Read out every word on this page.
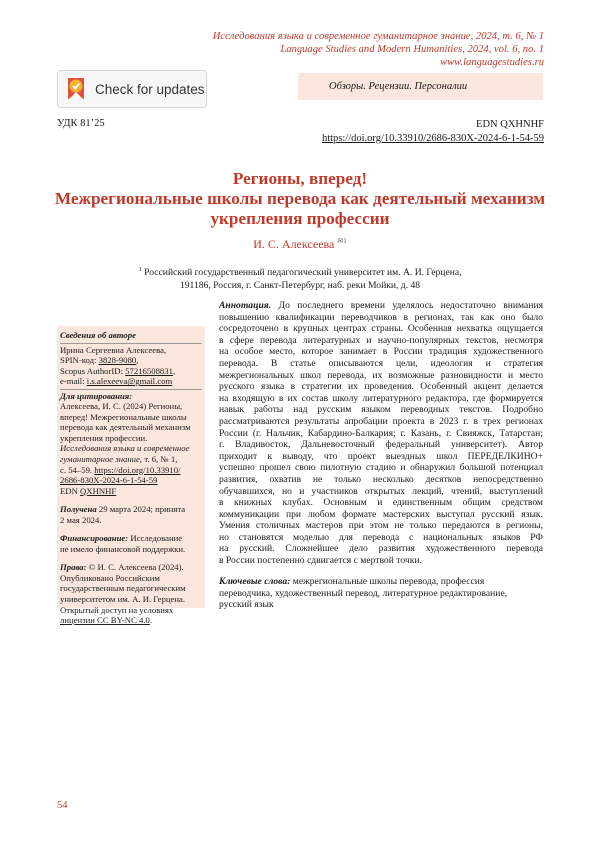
Исследования языка и современное гуманитарное знание, 2024, т. 6, № 1
Language Studies and Modern Humanities, 2024, vol. 6, no. 1
www.languagestudies.ru
Check for updates	Обзоры. Рецензии. Персоналии
УДК 81’25	EDN QXHNHF
https://doi.org/10.33910/2686-830X-2024-6-1-54-59
Регионы, вперед!
Межрегиональные школы перевода как деятельный механизм
укрепления профессии
И. С. Алексеева $^{✉1}$
$^1$ Российский государственный педагогический университет им. А. И. Герцена,
191186, Россия, г. Санкт-Петербург, наб. реки Мойки, д. 48

Сведения об авторе

Ирина Сергеевна Алексеева,

SPIN-код: 3828-9080,

Scopus AuthorID: 57216508831,

e-mail: i.s.alexeeva@gmail.com

Для цитирования:

Алексеева, И. С. (2024) Регионы,

вперед! Межрегиональные школы

перевода как деятельный механизм

укрепления профессии.

Исследования языка и современное

гуманитарное знание, т. 6, № 1,

с. 54–59. https://doi.org/10.33910/

2686-830X-2024-6-1-54-59

EDN QXHNHF

Получена 29 марта 2024; принята

2 мая 2024.

Финансирование: Исследование

не имело финансовой поддержки.

Права: © И. С. Алексеева (2024).

Опубликовано Российским

государственным педагогическим

университетом им. А. И. Герцена.

Открытый доступ на условиях

лицензии CC BY-NC 4.0.

Аннотация. До последнего времени уделялось недостаточно внимания

повышению квалификации переводчиков в регионах, так как оно было

сосредоточено в крупных центрах страны. Особенная нехватка ощущается

в сфере перевода литературных и научно-популярных текстов, несмотря

на особое место, которое занимает в России традиция художественного

перевода. В статье описываются цели, идеология и стратегия

межрегиональных школ перевода, их возможные разновидности и место

русского языка в стратегии их проведения. Особенный акцент делается

на входящую в их состав школу литературного редактора, где формируется

навык работы над русским языком переводных текстов. Подробно

рассматриваются результаты апробации проекта в 2023 г. в трех регионах

России (г. Нальчик, Кабардино-Балкария; г. Казань, г. Свияжск, Татарстан;

г. Владивосток, Дальневосточный федеральный университет). Автор

приходит к выводу, что проект выездных школ ПЕРЕДЕЛКИНО+

успешно прошел свою пилотную стадию и обнаружил большой потенциал

развития, охватив не только несколько десятков непосредственно

обучавшихся, но и участников открытых лекций, чтений, выступлений

в книжных клубах. Основным и единственным общим средством

коммуникации при любом формате мастерских выступал русский язык.

Умения столичных мастеров при этом не только передаются в регионы,

но становятся моделью для перевода с национальных языков РФ

на русский. Сложнейшее дело развития художественного перевода

в России постепенно сдвигается с мертвой точки.

Ключевые слова: межрегиональные школы перевода, профессия

переводчика, художественный перевод, литературное редактирование,

русский язык

54
